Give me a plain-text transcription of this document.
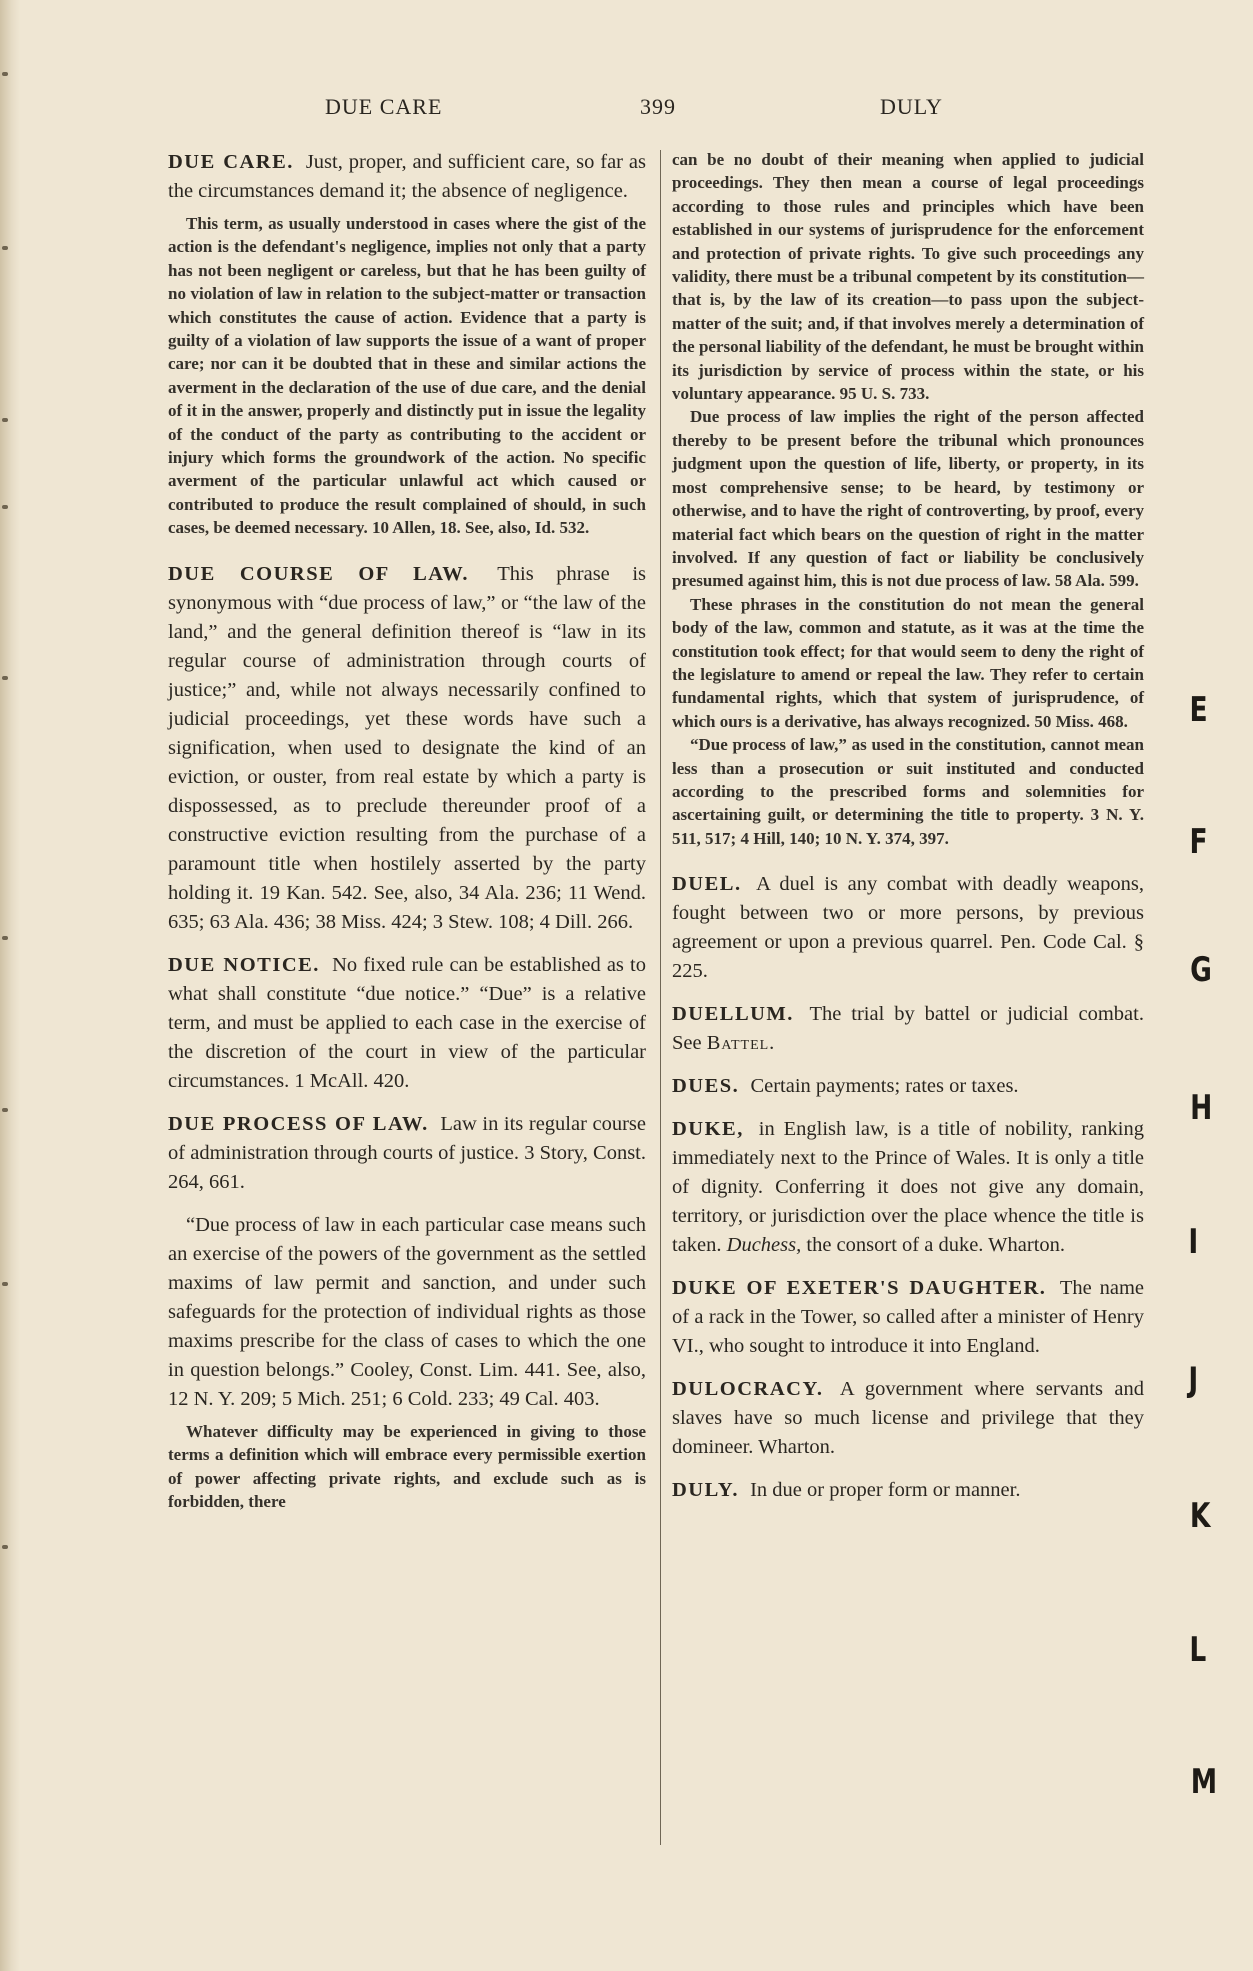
DUE CARE	399	DULY

DUE CARE. Just, proper, and sufficient care, so far as the circumstances demand it; the absence of negligence.

This term, as usually understood in cases where the gist of the action is the defendant's negligence, implies not only that a party has not been negligent or careless, but that he has been guilty of no violation of law in relation to the subject-matter or transaction which constitutes the cause of action. Evidence that a party is guilty of a violation of law supports the issue of a want of proper care; nor can it be doubted that in these and similar actions the averment in the declaration of the use of due care, and the denial of it in the answer, properly and distinctly put in issue the legality of the conduct of the party as contributing to the accident or injury which forms the groundwork of the action. No specific averment of the particular unlawful act which caused or contributed to produce the result complained of should, in such cases, be deemed necessary. 10 Allen, 18. See, also, Id. 532.

DUE COURSE OF LAW. This phrase is synonymous with “due process of law,” or “the law of the land,” and the general definition thereof is “law in its regular course of administration through courts of justice;” and, while not always necessarily confined to judicial proceedings, yet these words have such a signification, when used to designate the kind of an eviction, or ouster, from real estate by which a party is dispossessed, as to preclude thereunder proof of a constructive eviction resulting from the purchase of a paramount title when hostilely asserted by the party holding it. 19 Kan. 542. See, also, 34 Ala. 236; 11 Wend. 635; 63 Ala. 436; 38 Miss. 424; 3 Stew. 108; 4 Dill. 266.

DUE NOTICE. No fixed rule can be established as to what shall constitute “due notice.” “Due” is a relative term, and must be applied to each case in the exercise of the discretion of the court in view of the particular circumstances. 1 McAll. 420.

DUE PROCESS OF LAW. Law in its regular course of administration through courts of justice. 3 Story, Const. 264, 661.

“Due process of law in each particular case means such an exercise of the powers of the government as the settled maxims of law permit and sanction, and under such safeguards for the protection of individual rights as those maxims prescribe for the class of cases to which the one in question belongs.” Cooley, Const. Lim. 441. See, also, 12 N. Y. 209; 5 Mich. 251; 6 Cold. 233; 49 Cal. 403.

Whatever difficulty may be experienced in giving to those terms a definition which will embrace every permissible exertion of power affecting private rights, and exclude such as is forbidden, there

can be no doubt of their meaning when applied to judicial proceedings. They then mean a course of legal proceedings according to those rules and principles which have been established in our systems of jurisprudence for the enforcement and protection of private rights. To give such proceedings any validity, there must be a tribunal competent by its constitution—that is, by the law of its creation—to pass upon the subject-matter of the suit; and, if that involves merely a determination of the personal liability of the defendant, he must be brought within its jurisdiction by service of process within the state, or his voluntary appearance. 95 U. S. 733.

Due process of law implies the right of the person affected thereby to be present before the tribunal which pronounces judgment upon the question of life, liberty, or property, in its most comprehensive sense; to be heard, by testimony or otherwise, and to have the right of controverting, by proof, every material fact which bears on the question of right in the matter involved. If any question of fact or liability be conclusively presumed against him, this is not due process of law. 58 Ala. 599.

These phrases in the constitution do not mean the general body of the law, common and statute, as it was at the time the constitution took effect; for that would seem to deny the right of the legislature to amend or repeal the law. They refer to certain fundamental rights, which that system of jurisprudence, of which ours is a derivative, has always recognized. 50 Miss. 468.

“Due process of law,” as used in the constitution, cannot mean less than a prosecution or suit instituted and conducted according to the prescribed forms and solemnities for ascertaining guilt, or determining the title to property. 3 N. Y. 511, 517; 4 Hill, 140; 10 N. Y. 374, 397.

DUEL. A duel is any combat with deadly weapons, fought between two or more persons, by previous agreement or upon a previous quarrel. Pen. Code Cal. § 225.

DUELLUM. The trial by battel or judicial combat. See Battel.

DUES. Certain payments; rates or taxes.

DUKE, in English law, is a title of nobility, ranking immediately next to the Prince of Wales. It is only a title of dignity. Conferring it does not give any domain, territory, or jurisdiction over the place whence the title is taken. Duchess, the consort of a duke. Wharton.

DUKE OF EXETER'S DAUGHTER. The name of a rack in the Tower, so called after a minister of Henry VI., who sought to introduce it into England.

DULOCRACY. A government where servants and slaves have so much license and privilege that they domineer. Wharton.

DULY. In due or proper form or manner.

E
F
G
H
I
J
K
L
M
